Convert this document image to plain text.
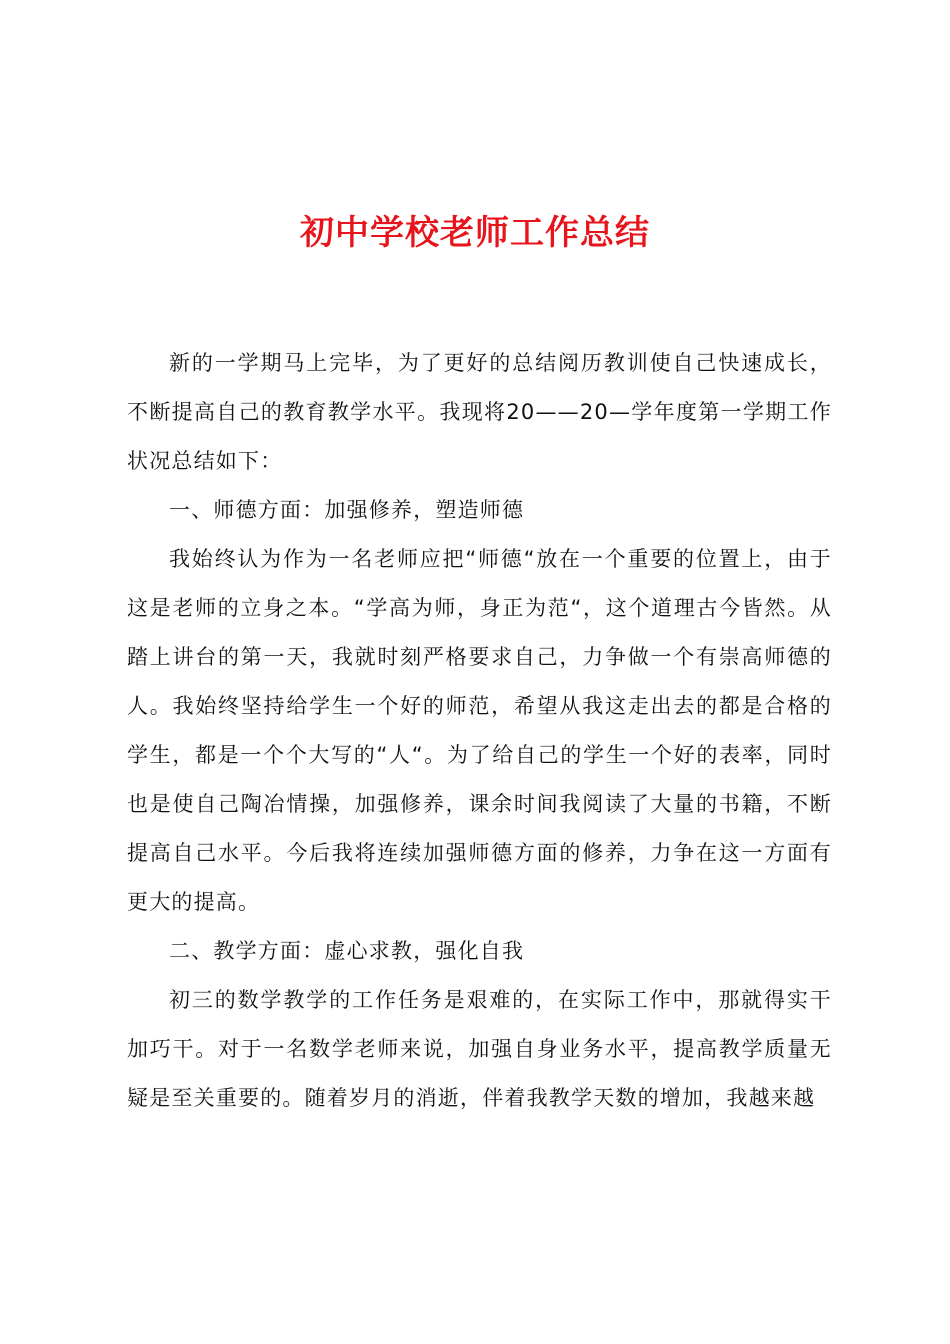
初中学校老师工作总结

新的一学期马上完毕，为了更好的总结阅历教训使自己快速成长，不断提高自己的教育教学水平。我现将20——20—学年度第一学期工作状况总结如下：

一、师德方面：加强修养，塑造师德

我始终认为作为一名老师应把“师德“放在一个重要的位置上，由于这是老师的立身之本。“学高为师，身正为范“，这个道理古今皆然。从踏上讲台的第一天，我就时刻严格要求自己，力争做一个有崇高师德的人。我始终坚持给学生一个好的师范，希望从我这走出去的都是合格的学生，都是一个个大写的“人“。为了给自己的学生一个好的表率，同时也是使自己陶冶情操，加强修养，课余时间我阅读了大量的书籍，不断提高自己水平。今后我将连续加强师德方面的修养，力争在这一方面有更大的提高。

二、教学方面：虚心求教，强化自我

初三的数学教学的工作任务是艰难的，在实际工作中，那就得实干加巧干。对于一名数学老师来说，加强自身业务水平，提高教学质量无疑是至关重要的。随着岁月的消逝，伴着我教学天数的增加，我越来越
